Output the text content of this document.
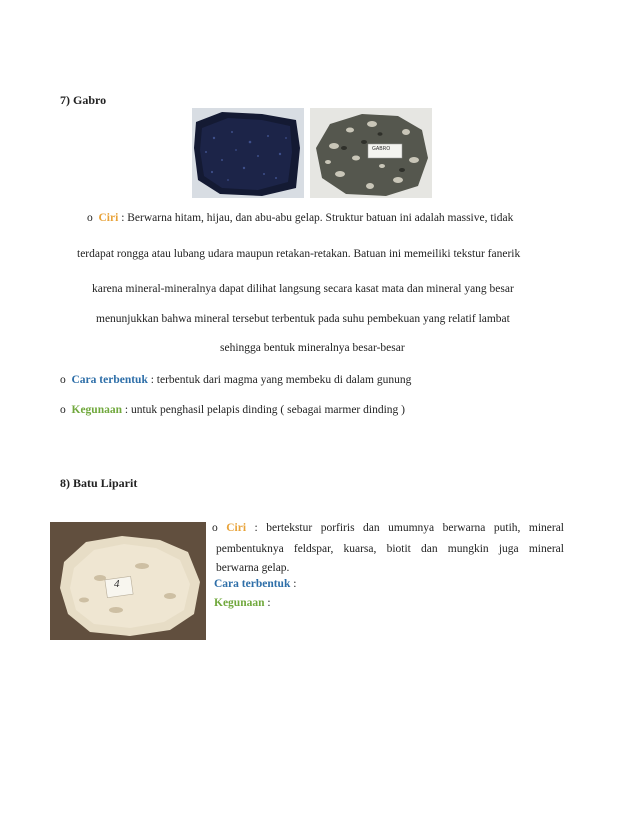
7) Gabro
GABRO
o Ciri : Berwarna hitam, hijau, dan abu-abu gelap. Struktur batuan ini adalah massive, tidak
terdapat rongga atau lubang udara maupun retakan-retakan. Batuan ini memeiliki tekstur fanerik
karena mineral-mineralnya dapat dilihat langsung secara kasat mata dan mineral yang besar
menunjukkan bahwa mineral tersebut terbentuk pada suhu pembekuan yang relatif lambat
sehingga bentuk mineralnya besar-besar
o Cara terbentuk : terbentuk dari magma yang membeku di dalam gunung
o Kegunaan : untuk penghasil pelapis dinding ( sebagai marmer dinding )
8) Batu Liparit
4
o Ciri : bertekstur porfiris dan umumnya berwarna putih, mineral
pembentuknya feldspar, kuarsa, biotit dan mungkin juga mineral
berwarna gelap.
Cara terbentuk :
Kegunaan :
